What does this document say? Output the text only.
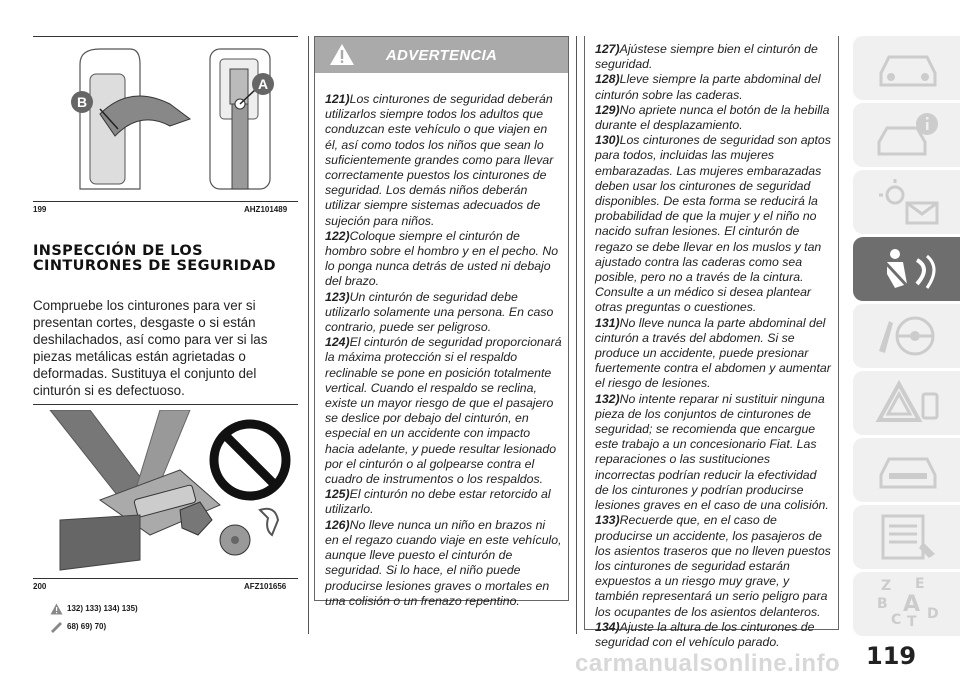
A
B
199	AHZ101489
INSPECCIÓN DE LOS CINTURONES DE SEGURIDAD
Compruebe los cinturones para ver si presentan cortes, desgaste o si están deshilachados, así como para ver si las piezas metálicas están agrietadas o deformadas. Sustituya el conjunto del cinturón si es defectuoso.
200	AFZ101656
132) 133) 134) 135)
68) 69) 70)
ADVERTENCIA
121)Los cinturones de seguridad deberán utilizarlos siempre todos los adultos que conduzcan este vehículo o que viajen en él, así como todos los niños que sean lo suficientemente grandes como para llevar correctamente puestos los cinturones de seguridad. Los demás niños deberán utilizar siempre sistemas adecuados de sujeción para niños.
122)Coloque siempre el cinturón de hombro sobre el hombro y en el pecho. No lo ponga nunca detrás de usted ni debajo del brazo.
123)Un cinturón de seguridad debe utilizarlo solamente una persona. En caso contrario, puede ser peligroso.
124)El cinturón de seguridad proporcionará la máxima protección si el respaldo reclinable se pone en posición totalmente vertical. Cuando el respaldo se reclina, existe un mayor riesgo de que el pasajero se deslice por debajo del cinturón, en especial en un accidente con impacto hacia adelante, y puede resultar lesionado por el cinturón o al golpearse contra el cuadro de instrumentos o los respaldos.
125)El cinturón no debe estar retorcido al utilizarlo.
126)No lleve nunca un niño en brazos ni en el regazo cuando viaje en este vehículo, aunque lleve puesto el cinturón de seguridad. Si lo hace, el niño puede producirse lesiones graves o mortales en una colisión o un frenazo repentino.
127)Ajústese siempre bien el cinturón de seguridad.
128)Lleve siempre la parte abdominal del cinturón sobre las caderas.
129)No apriete nunca el botón de la hebilla durante el desplazamiento.
130)Los cinturones de seguridad son aptos para todos, incluidas las mujeres embarazadas. Las mujeres embarazadas deben usar los cinturones de seguridad disponibles. De esta forma se reducirá la probabilidad de que la mujer y el niño no nacido sufran lesiones. El cinturón de regazo se debe llevar en los muslos y tan ajustado contra las caderas como sea posible, pero no a través de la cintura. Consulte a un médico si desea plantear otras preguntas o cuestiones.
131)No lleve nunca la parte abdominal del cinturón a través del abdomen. Si se produce un accidente, puede presionar fuertemente contra el abdomen y aumentar el riesgo de lesiones.
132)No intente reparar ni sustituir ninguna pieza de los conjuntos de cinturones de seguridad; se recomienda que encargue este trabajo a un concesionario Fiat. Las reparaciones o las sustituciones incorrectas podrían reducir la efectividad de los cinturones y podrían producirse lesiones graves en el caso de una colisión.
133)Recuerde que, en el caso de producirse un accidente, los pasajeros de los asientos traseros que no lleven puestos los cinturones de seguridad estarán expuestos a un riesgo muy grave, y también representará un serio peligro para los ocupantes de los asientos delanteros.
134)Ajuste la altura de los cinturones de seguridad con el vehículo parado.
Z E
B A
C T D
carmanualsonline.info 119
